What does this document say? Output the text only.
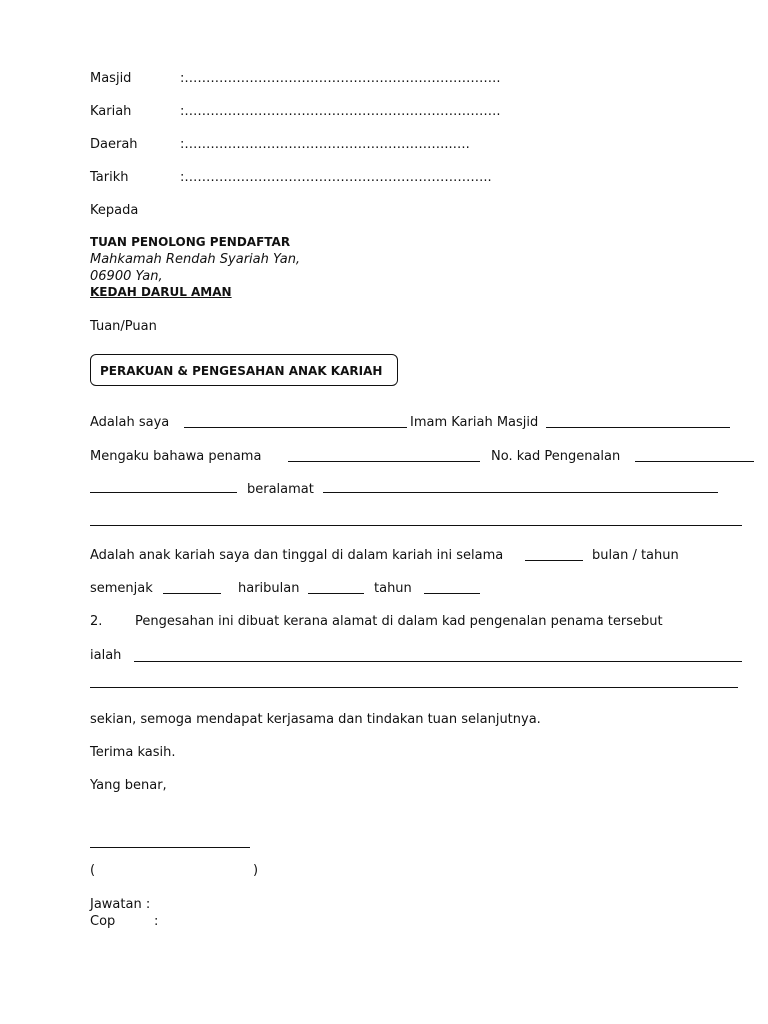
Masjid	:……………………………………………………………….
Kariah	:……………………………………………………………….
Daerah	:……………………………………………………..….
Tarikh	:……………………………………………………………..
Kepada
TUAN PENOLONG PENDAFTAR
Mahkamah Rendah Syariah Yan,
06900 Yan,
KEDAH DARUL AMAN
Tuan/Puan
PERAKUAN & PENGESAHAN ANAK KARIAH
Adalah saya	Imam Kariah Masjid
Mengaku bahawa penama	No. kad Pengenalan
beralamat
Adalah anak kariah saya dan tinggal di dalam kariah ini selama	bulan / tahun
semenjak	haribulan	tahun
2.	Pengesahan ini dibuat kerana alamat di dalam kad pengenalan penama tersebut
ialah
sekian, semoga mendapat kerjasama dan tindakan tuan selanjutnya.
Terima kasih.
Yang benar,
(	)
Jawatan :
Cop	:
